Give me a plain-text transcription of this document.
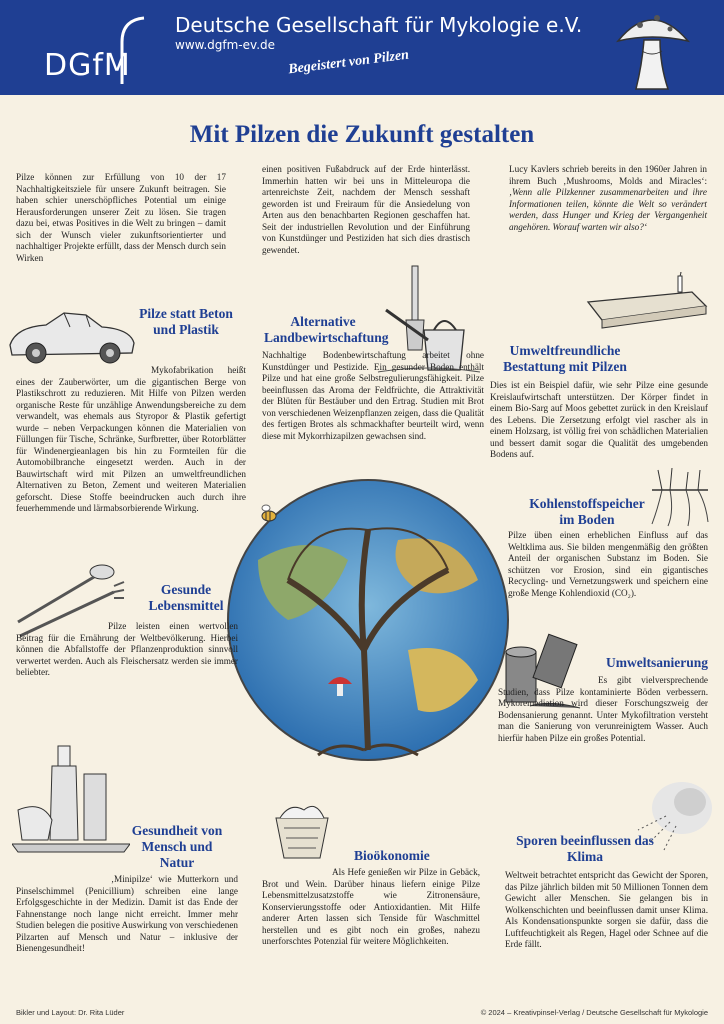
DGfM
Deutsche Gesellschaft für Mykologie e.V.
www.dgfm-ev.de
Begeistert von Pilzen
Mit Pilzen die Zukunft gestalten

Pilze können zur Erfüllung von 10 der 17 Nachhaltigkeitsziele für unsere Zukunft beitragen. Sie haben schier unerschöpfliches Potential um einige Herausforderungen unserer Zeit zu lösen. Sie tragen dazu bei, etwas Positives in die Welt zu bringen – damit sich der Wunsch vieler zukunftsorientierter und nachhaltiger Projekte erfüllt, dass der Mensch durch sein Wirken

einen positiven Fußabdruck auf der Erde hinterlässt. Immerhin hatten wir bei uns in Mitteleuropa die artenreichste Zeit, nachdem der Mensch sesshaft geworden ist und Freiraum für die Ansiedelung von Arten aus den benachbarten Regionen geschaffen hat. Seit der industriellen Revolution und der Einführung von Kunstdünger und Pestiziden hat sich dies drastisch gewendet.

Lucy Kavlers schrieb bereits in den 1960er Jahren in ihrem Buch ‚Mushrooms, Molds and Miracles‘: ‚Wenn alle Pilzkenner zusammenarbeiten und ihre Informationen teilen, könnte die Welt so verändert werden, dass Hunger und Krieg der Vergangenheit angehören. Worauf warten wir also?‘
Pilze statt Beton und Plastik

Mykofabrikation heißt eines der Zauberwörter, um die gigantischen Berge von Plastikschrott zu reduzieren. Mit Hilfe von Pilzen werden organische Reste für unzählige Anwendungsbereiche zu dem verwandelt, was ehemals aus Styropor & Plastik gefertigt wurde – neben Verpackungen können die Materialien von Füllungen für Tische, Schränke, Surfbretter, über Rotorblätter für Windenergieanlagen bis hin zu Formteilen für die Automobilbranche eingesetzt werden. Auch in der Bauwirtschaft wird mit Pilzen an umweltfreundlichen Alternativen zu Beton, Zement und weiteren Materialien geforscht. Diese Stoffe beeindrucken auch durch ihre feuerhemmende und lärmabsorbierende Wirkung.

Alternative Landbewirtschaftung

Nachhaltige Bodenbewirtschaftung arbeitet ohne Kunstdünger und Pestizide. Ein gesunder Boden enthält Pilze und hat eine große Selbstregulierungsfähigkeit. Pilze beeinflussen das Aroma der Feldfrüchte, die Attraktivität der Blüten für Bestäuber und den Ertrag. Studien mit Brot von verschiedenen Weizenpflanzen zeigen, dass die Qualität des fertigen Brotes als schmackhafter beurteilt wird, wenn diese mit Mykorrhizapilzen gewachsen sind.

Umweltfreundliche Bestattung mit Pilzen

Dies ist ein Beispiel dafür, wie sehr Pilze eine gesunde Kreislaufwirtschaft unterstützen. Der Körper findet in einem Bio-Sarg auf Moos gebettet zurück in den Kreislauf des Lebens. Die Zersetzung erfolgt viel rascher als in einem Holzsarg, ist völlig frei von schädlichen Materialien und bessert damit sogar die Qualität des umgebenden Bodens auf.

Kohlenstoffspeicher im Boden

Pilze üben einen erheblichen Einfluss auf das Weltklima aus. Sie bilden mengenmäßig den größten Anteil der organischen Substanz im Boden. Sie schützen vor Erosion, sind ein gigantisches Recycling- und Vernetzungswerk und speichern eine große Menge Kohlendioxid (CO₂).

Gesunde Lebensmittel

Pilze leisten einen wertvollen Beitrag für die Ernährung der Weltbevölkerung. Hierbei können die Abfallstoffe der Pflanzenproduktion sinnvoll verwertet werden. Auch als Fleischersatz werden sie immer beliebter.

Umweltsanierung

Es gibt vielversprechende Studien, dass Pilze kontaminierte Böden verbessern. Mykoremediation wird dieser Forschungszweig der Bodensanierung genannt. Unter Mykofiltration versteht man die Sanierung von verunreinigtem Wasser. Auch hierfür haben Pilze ein großes Potential.

Gesundheit von Mensch und Natur

‚Minipilze‘ wie Mutterkorn und Pinselschimmel (Penicillium) schreiben eine lange Erfolgsgeschichte in der Medizin. Damit ist das Ende der Fahnenstange noch lange nicht erreicht. Immer mehr Studien belegen die positive Auswirkung von verschiedenen Pilzarten auf Mensch und Natur – inklusive der Bienengesundheit!

Bioökonomie

Als Hefe genießen wir Pilze in Gebäck, Brot und Wein. Darüber hinaus liefern einige Pilze Lebensmittelzusatzstoffe wie Zitronensäure, Konservierungsstoffe oder Antioxidantien. Mit Hilfe anderer Arten lassen sich Tenside für Waschmittel herstellen und es gibt noch ein großes, nahezu unerforschtes Potenzial für weitere Möglichkeiten.

Sporen beeinflussen das Klima

Weltweit betrachtet entspricht das Gewicht der Sporen, das Pilze jährlich bilden mit 50 Millionen Tonnen dem Gewicht aller Menschen. Sie gelangen bis in Wolkenschichten und beeinflussen damit unser Klima. Als Kondensationspunkte sorgen sie dafür, dass die Luftfeuchtigkeit als Regen, Hagel oder Schnee auf die Erde fällt.

Bikler und Layout: Dr. Rita Lüder	© 2024 – Kreativpinsel-Verlag / Deutsche Gesellschaft für Mykologie
